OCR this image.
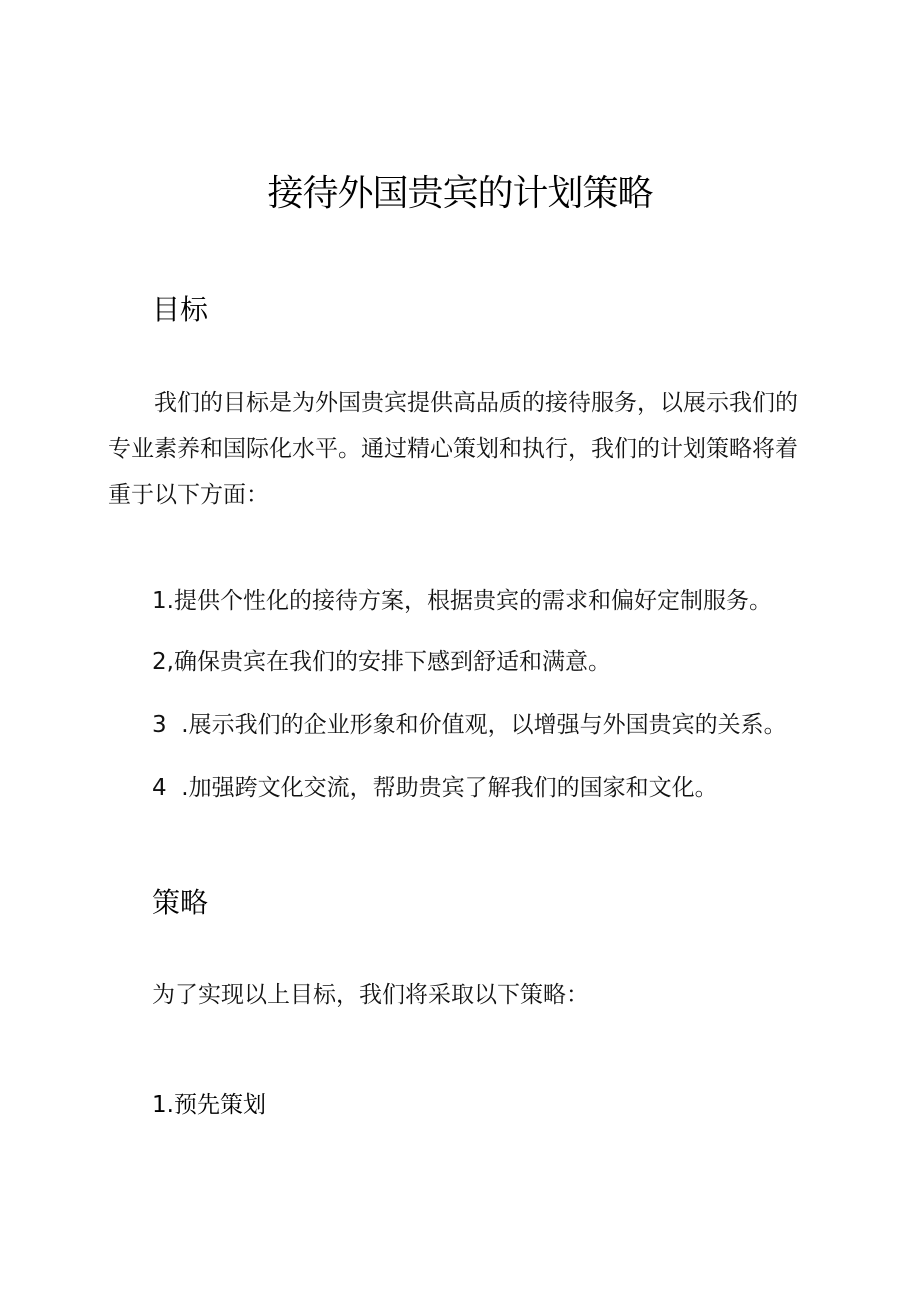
接待外国贵宾的计划策略
目标
我们的目标是为外国贵宾提供高品质的接待服务，以展示我们的
专业素养和国际化水平。通过精心策划和执行，我们的计划策略将着
重于以下方面：
1.提供个性化的接待方案，根据贵宾的需求和偏好定制服务。
2,确保贵宾在我们的安排下感到舒适和满意。
3  .展示我们的企业形象和价值观，以增强与外国贵宾的关系。
4  .加强跨文化交流，帮助贵宾了解我们的国家和文化。
策略
为了实现以上目标，我们将采取以下策略：
1.预先策划
